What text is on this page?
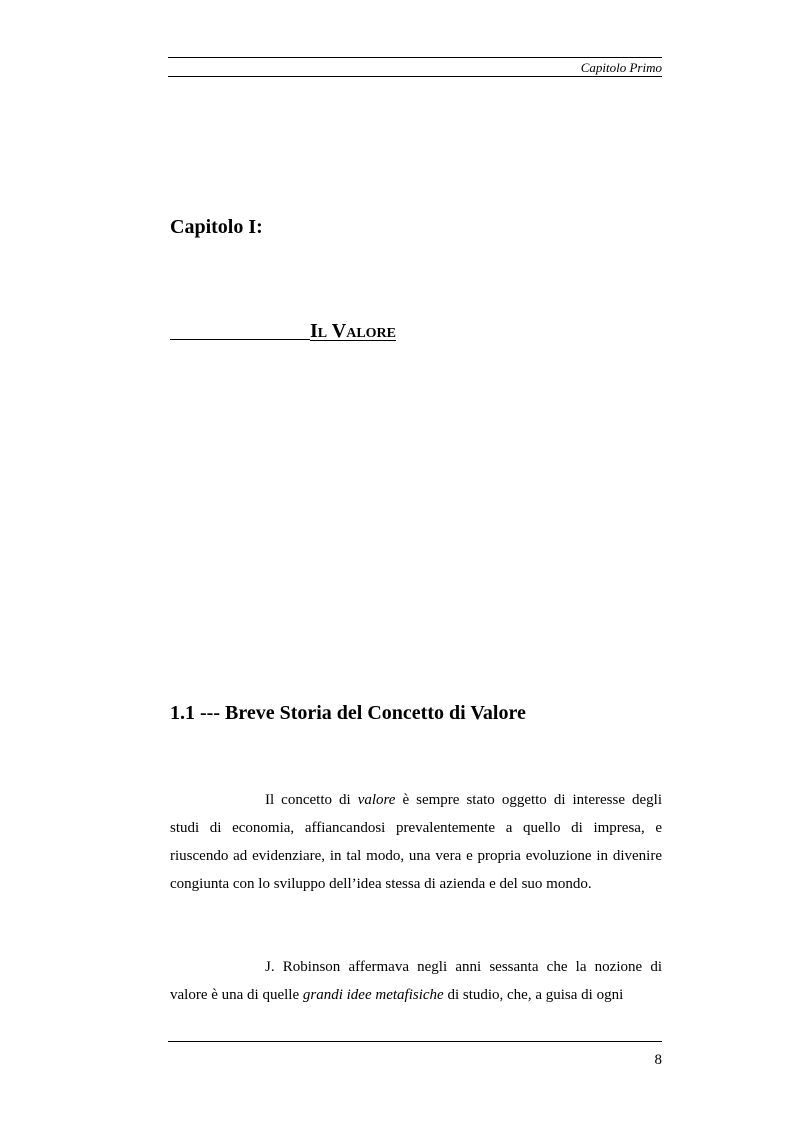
Capitolo Primo
Capitolo I:
Il Valore
1.1 --- Breve Storia del Concetto di Valore

Il concetto di valore è sempre stato oggetto di interesse degli studi di economia, affiancandosi prevalentemente a quello di impresa, e riuscendo ad evidenziare, in tal modo, una vera e propria evoluzione in divenire congiunta con lo sviluppo dell’idea stessa di azienda e del suo mondo.

J. Robinson affermava negli anni sessanta che la nozione di valore è una di quelle grandi idee metafisiche di studio, che, a guisa di ogni

8
